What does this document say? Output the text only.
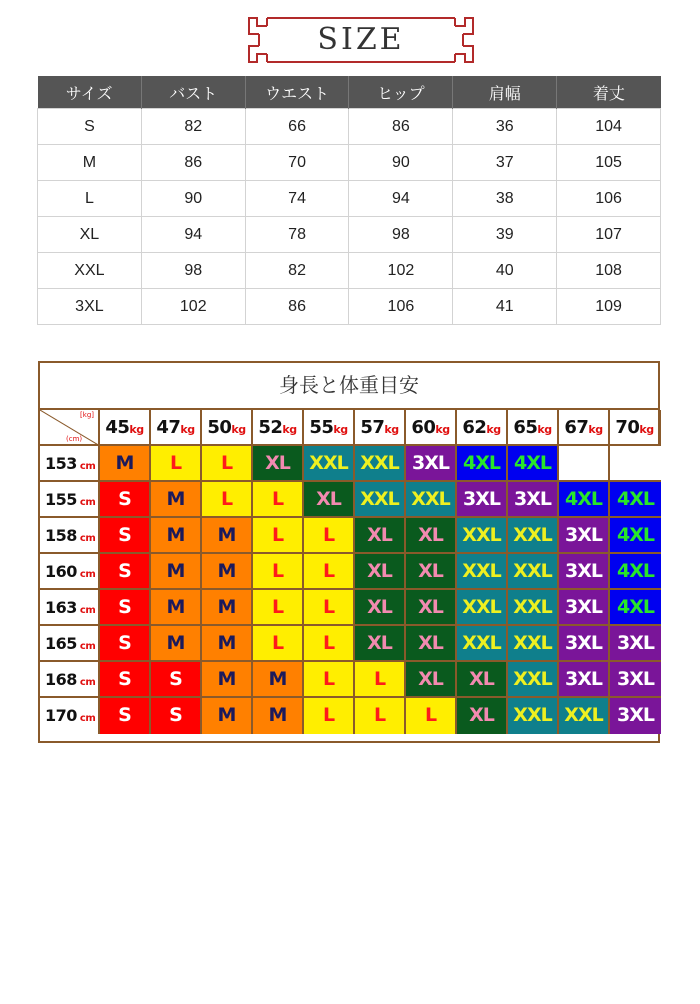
SIZE
サイズ	バスト	ウエスト	ヒップ	肩幅	着丈
S	82	66	86	36	104
M	86	70	90	37	105
L	90	74	94	38	106
XL	94	78	98	39	107
XXL	98	82	102	40	108
3XL	102	86	106	41	109
身長と体重目安
[kg]
(cm)
45kg 47kg 50kg 52kg 55kg 57kg 60kg 62kg 65kg 67kg 70kg
153 cm	M	L	L	XL	XXL XXL 3XL 4XL 4XL
155 cm	S	M	L	L	XL	XXL XXL 3XL 3XL 4XL 4XL
158 cm	S	M	M	L	L	XL	XL	XXL XXL 3XL 4XL
160 cm	S	M	M	L	L	XL	XL	XXL XXL 3XL 4XL
163 cm	S	M	M	L	L	XL	XL	XXL XXL 3XL 4XL
165 cm	S	M	M	L	L	XL	XL	XXL XXL 3XL 3XL
168 cm	S	S	M	M	L	L	XL	XL	XXL 3XL 3XL
170 cm	S	S	M	M	L	L	L	XL	XXL XXL 3XL
